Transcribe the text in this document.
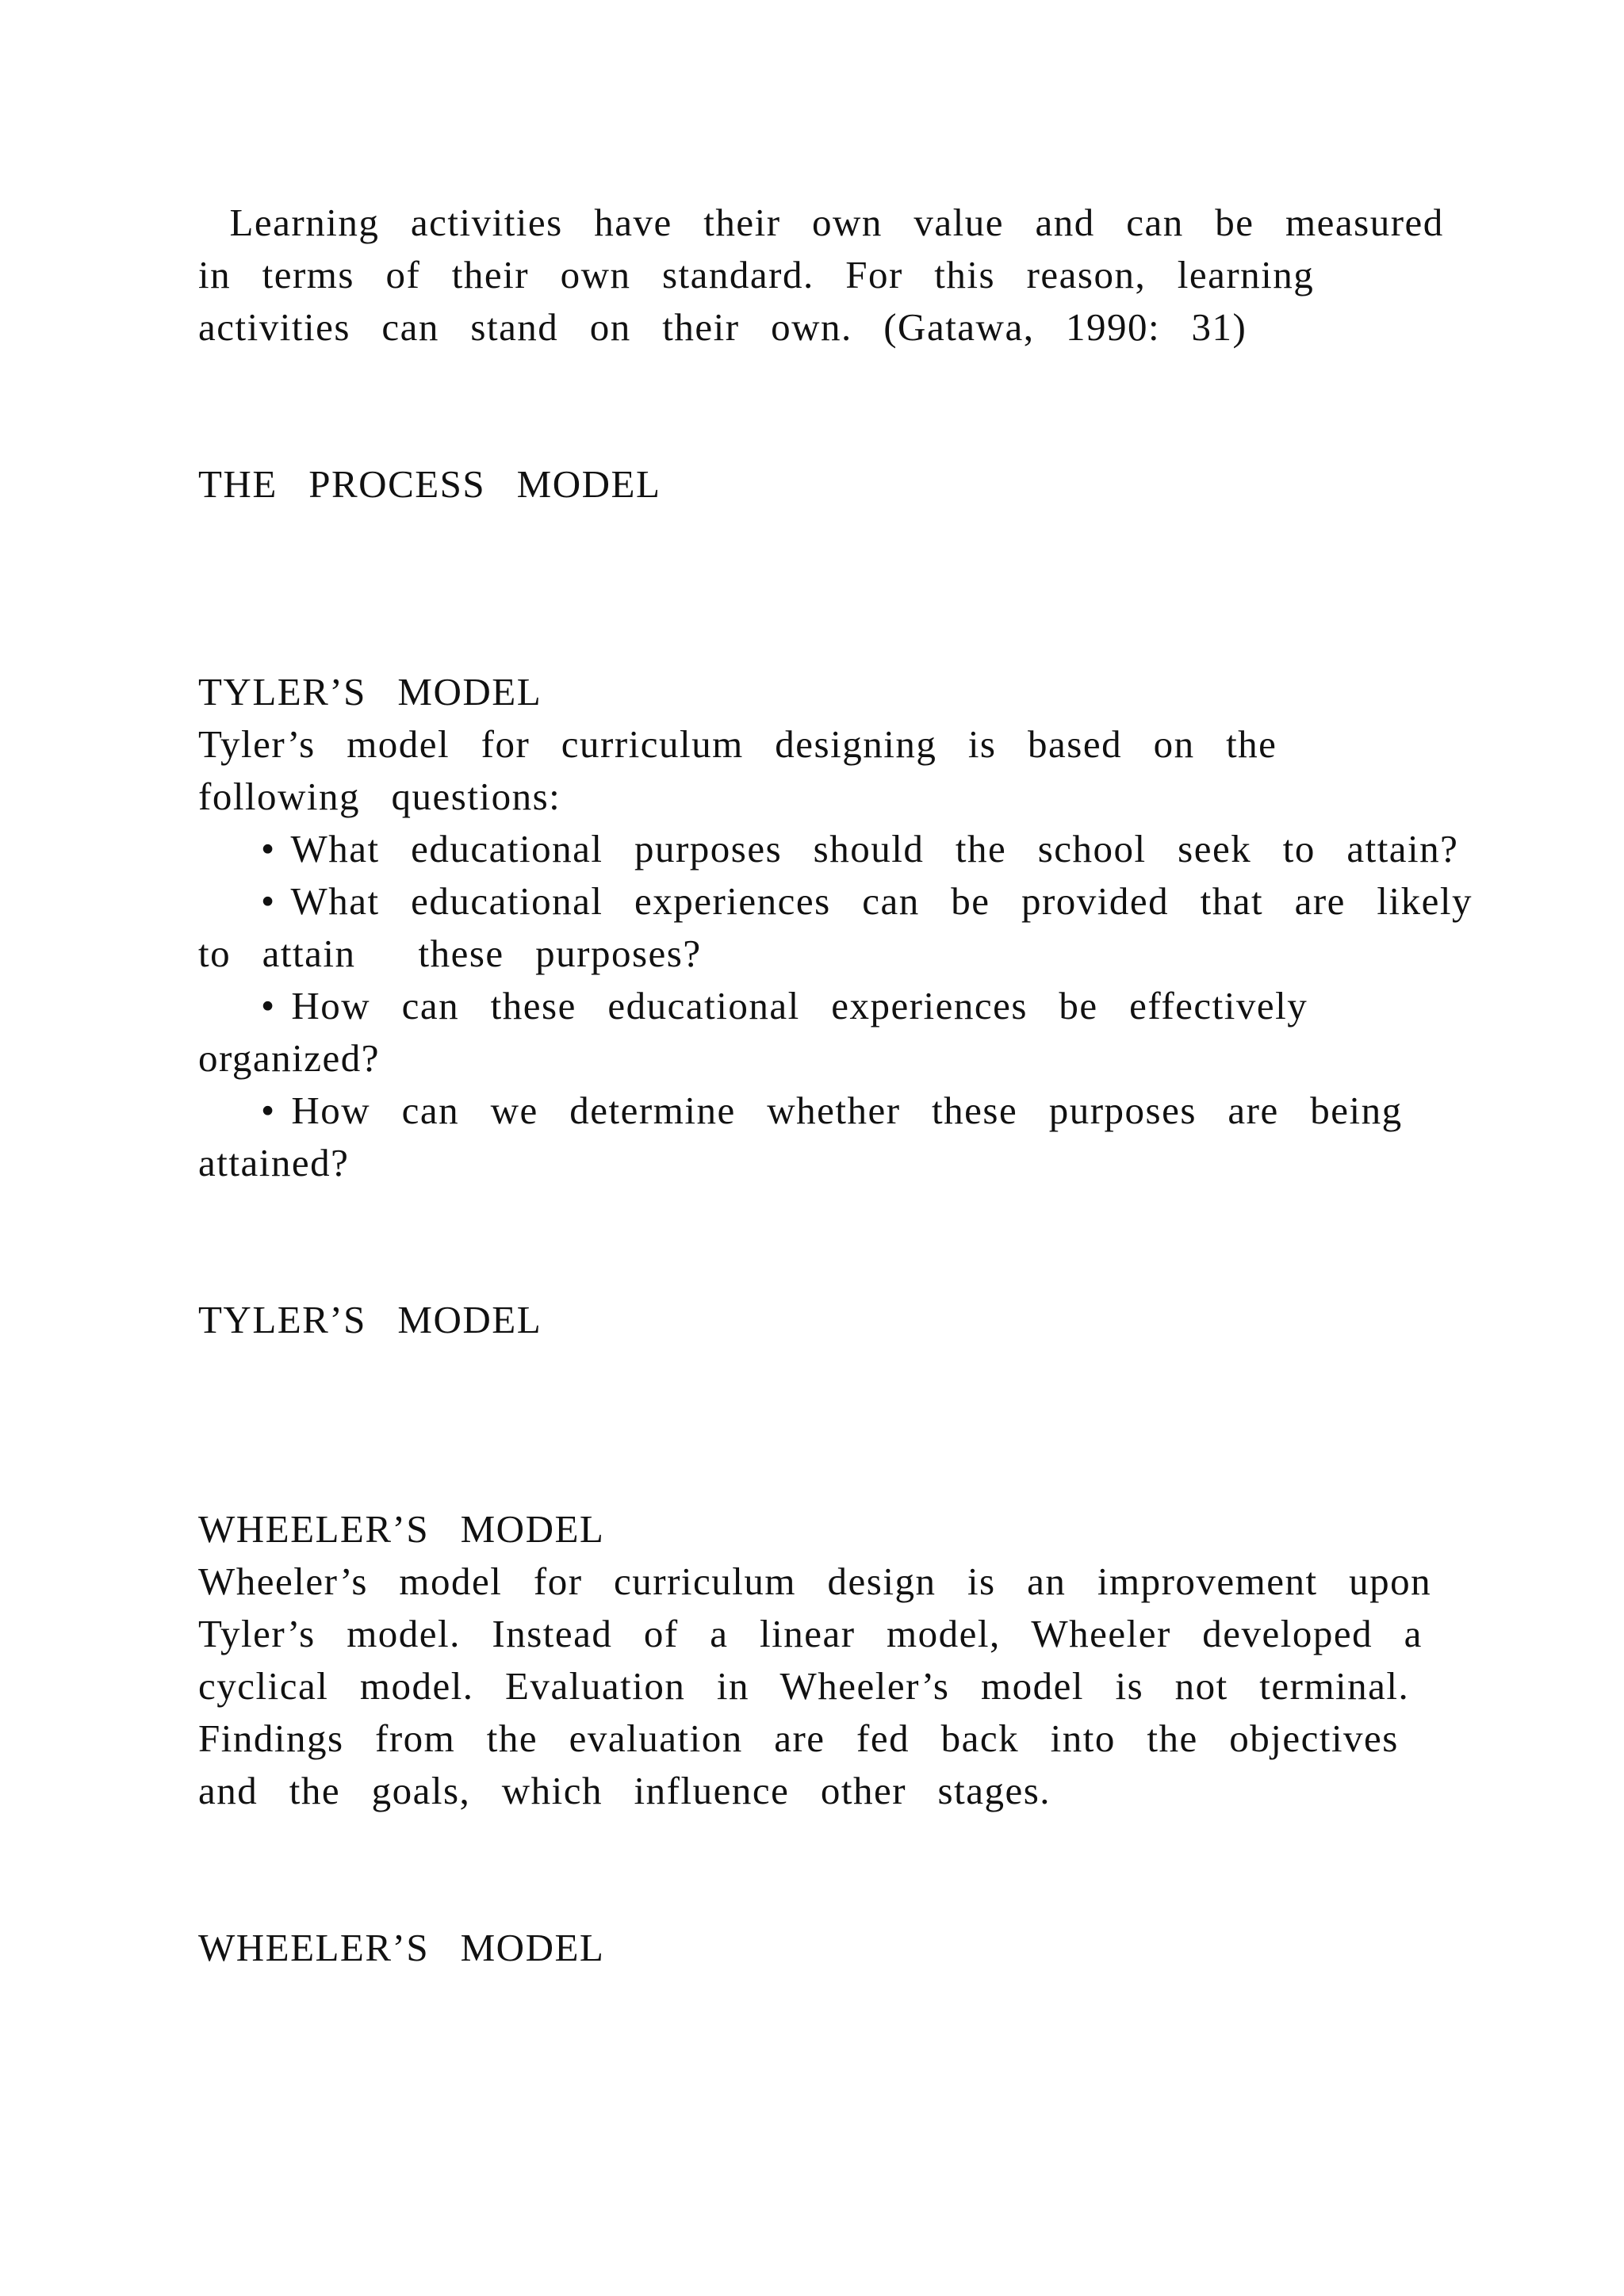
Learning  activities  have  their  own  value  and  can  be  measured
in  terms  of  their  own  standard.  For  this  reason,  learning
activities  can  stand  on  their  own.  (Gatawa,  1990:  31)
THE  PROCESS  MODEL
TYLER’S  MODEL
Tyler’s  model  for  curriculum  designing  is  based  on  the
following  questions:
• What  educational  purposes  should  the  school  seek  to  attain?
• What  educational  experiences  can  be  provided  that  are  likely
to  attain    these  purposes?
• How  can  these  educational  experiences  be  effectively
organized?
• How  can  we  determine  whether  these  purposes  are  being
attained?
TYLER’S  MODEL
WHEELER’S  MODEL
Wheeler’s  model  for  curriculum  design  is  an  improvement  upon
Tyler’s  model.  Instead  of  a  linear  model,  Wheeler  developed  a
cyclical  model.  Evaluation  in  Wheeler’s  model  is  not  terminal.
Findings  from  the  evaluation  are  fed  back  into  the  objectives
and  the  goals,  which  influence  other  stages.
WHEELER’S  MODEL
